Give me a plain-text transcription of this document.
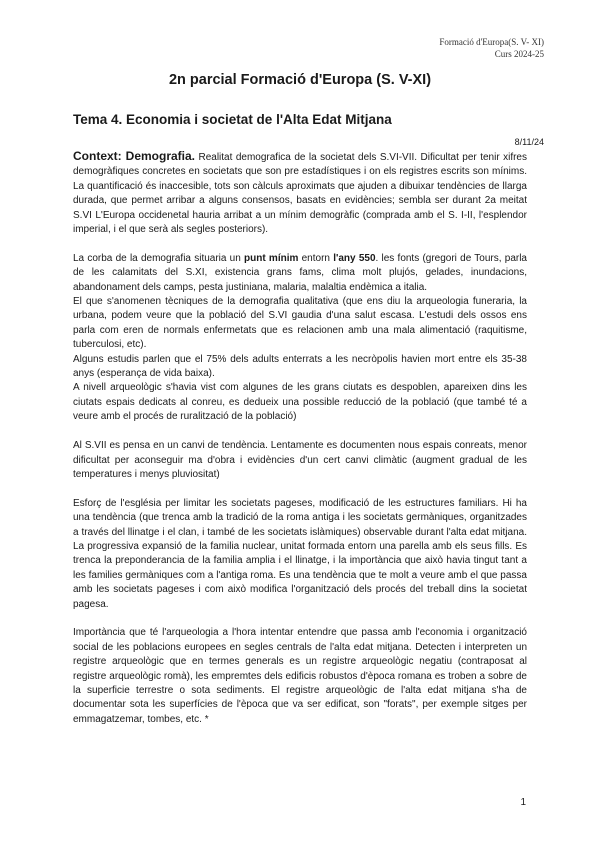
Formació d'Europa(S. V- XI)
Curs 2024-25
2n parcial Formació d'Europa (S. V-XI)
Tema 4. Economia i societat de l'Alta Edat Mitjana
8/11/24

Context: Demografia. Realitat demografica de la societat dels S.VI-VII. Dificultat per tenir xifres demogràfiques concretes en societats que son pre estadístiques i on els registres escrits son mínims. La quantificació és inaccesible, tots son càlculs aproximats que ajuden a dibuixar tendències de llarga durada, que permet arribar a alguns consensos, basats en evidències; sembla ser durant 2a meitat S.VI L'Europa occidenetal hauria arribat a un mínim demogràfic (comprada amb el S. I-II, l'esplendor imperial, i el que serà als segles posteriors).

La corba de la demografia situaria un punt mínim entorn l'any 550. les fonts (gregori de Tours, parla de les calamitats del S.XI, existencia grans fams, clima molt plujós, gelades, inundacions, abandonament dels camps, pesta justiniana, malaria, malaltia endèmica a italia.

El que s'anomenen tècniques de la demografia qualitativa (que ens diu la arqueologia funeraria, la urbana, podem veure que la població del S.VI gaudia d'una salut escasa. L'estudi dels ossos ens parla com eren de normals enfermetats que es relacionen amb una mala alimentació (raquitisme, tuberculosi, etc).

Alguns estudis parlen que el 75% dels adults enterrats a les necròpolis havien mort entre els 35-38 anys (esperança de vida baixa).

A nivell arqueològic s'havia vist com algunes de les grans ciutats es despoblen, apareixen dins les ciutats espais dedicats al conreu, es dedueix una possible reducció de la població (que també té a veure amb el procés de ruralització de la població)

Al S.VII es pensa en un canvi de tendència. Lentamente es documenten nous espais conreats, menor dificultat per aconseguir ma d'obra i evidències d'un cert canvi climàtic (augment gradual de les temperatures i menys pluviositat)

Esforç de l'església per limitar les societats pageses, modificació de les estructures familiars. Hi ha una tendència (que trenca amb la tradició de la roma antiga i les societats germàniques, organitzades a través del llinatge i el clan, i també de les societats islàmiques) observable durant l'alta edat mitjana. La progressiva expansió de la familia nuclear, unitat formada entorn una parella amb els seus fills. Es trenca la preponderancia de la familia amplia i el llinatge, i la importància que això havia tingut tant a les families germàniques com a l'antiga roma. Es una tendència que te molt a veure amb el que passa amb les societats pageses i com això modifica l'organització dels procés del treball dins la societat pagesa.

Importància que té l'arqueologia a l'hora intentar entendre que passa amb l'economia i organització social de les poblacions europees en segles centrals de l'alta edat mitjana. Detecten i interpreten un registre arqueològic que en termes generals es un registre arqueològic negatiu (contraposat al registre arqueològic romà), les empremtes dels edificis robustos d'època romana es troben a sobre de la superficie terrestre o sota sediments. El registre arqueològic de l'alta edat mitjana s'ha de documentar sota les superfícies de l'època que va ser edificat, son "forats", per exemple sitges per emmagatzemar, tombes, etc. *

1
